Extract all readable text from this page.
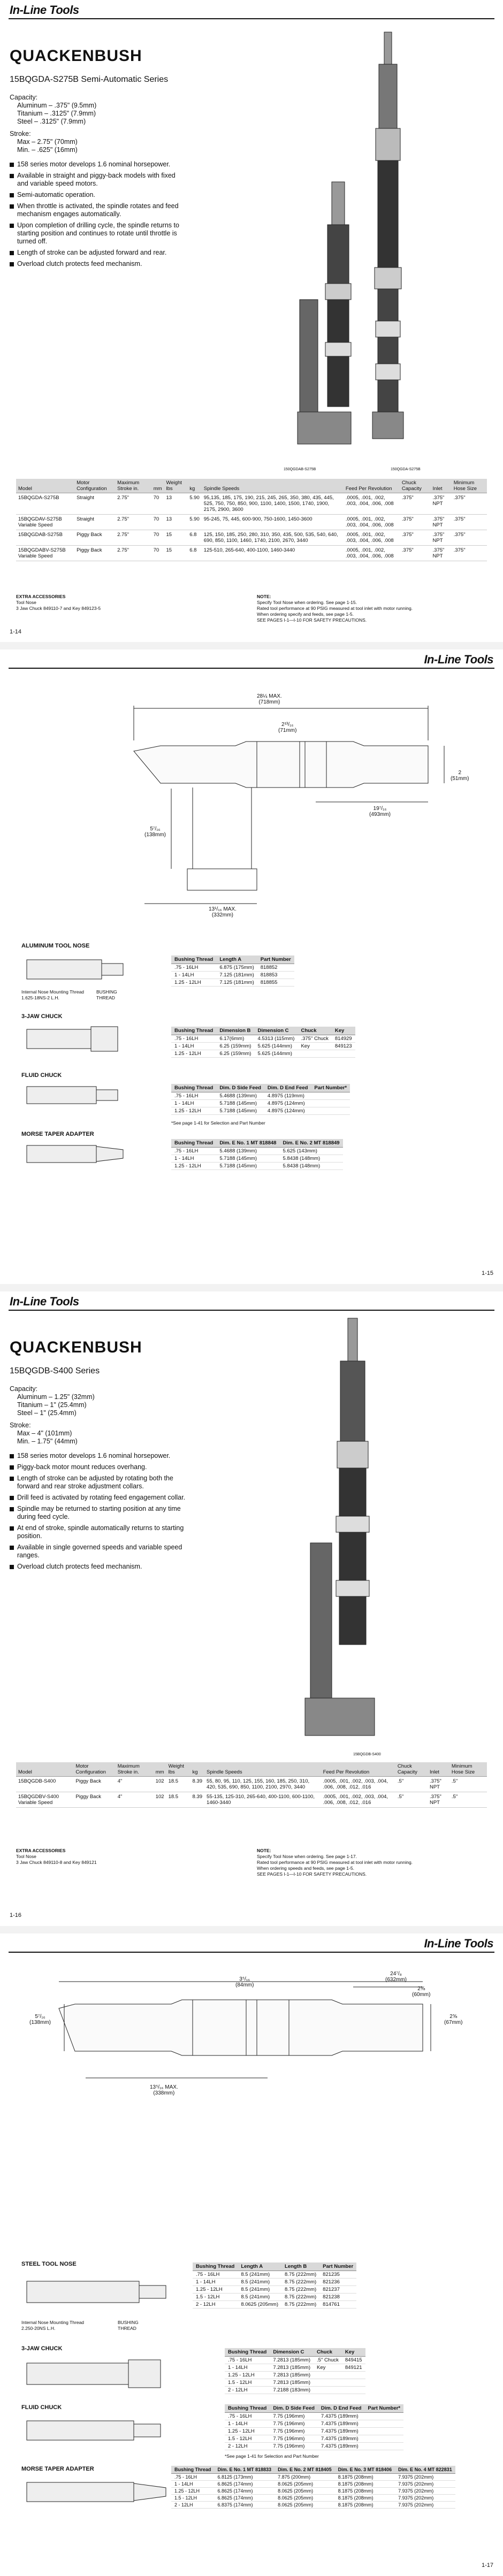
In-Line Tools
QUACKENBUSH
15BQGDA-S275B Semi-Automatic Series
Capacity:
Aluminum – .375" (9.5mm)
Titanium – .3125" (7.9mm)
Steel – .3125" (7.9mm)
Stroke:
Max – 2.75" (70mm)
Min. – .625" (16mm)
158 series motor develops 1.6 nominal horsepower.
Available in straight and piggy-back models with fixed and variable speed motors.
Semi-automatic operation.
When throttle is activated, the spindle rotates and feed mechanism engages automatically.
Upon completion of drilling cycle, the spindle returns to starting position and continues to rotate until throttle is turned off.
Length of stroke can be adjusted forward and rear.
Overload clutch protects feed mechanism.
150QGDAB-S275B	150QGDA-S275B
Model	Motor Configuration	Maximum Stroke in.	mm	Weight lbs	kg	Spindle Speeds	Feed Per Revolution	Chuck Capacity	Inlet	Minimum Hose Size
15BQGDA-S275B	Straight	2.75"	70	13	5.90	95,135, 185, 175, 190, 215, 245, 265, 350, 380, 435, 445, 525, 750, 750, 850, 900, 1100, 1400, 1500, 1740, 1900, 2175, 2900, 3600	.0005, .001, .002, .003, .004, .006, .008	.375"	.375" NPT	.375"
15BQGDAV-S275B Variable Speed	Straight	2.75"	70	13	5.90	95-245, 75, 445, 600-900, 750-1600, 1450-3600	.0005, .001, .002, .003, .004, .006, .008	.375"	.375" NPT	.375"
15BQGDAB-S275B	Piggy Back	2.75"	70	15	6.8	125, 150, 185, 250, 280, 310, 350, 435, 500, 535, 540, 640, 690, 850, 1100, 1460, 1740, 2100, 2670, 3440	.0005, .001, .002, .003, .004, .006, .008	.375"	.375" NPT	.375"
15BQGDABV-S275B Variable Speed	Piggy Back	2.75"	70	15	6.8	125-510, 265-640, 400-1100, 1460-3440	.0005, .001, .002, .003, .004, .006, .008	.375"	.375" NPT	.375"
EXTRA ACCESSORIES
Tool Nose
3 Jaw Chuck 849110-7 and Key 849123-5
NOTE:
Specify Tool Nose when ordering. See page 1-15.
Rated tool performance at 90 PSIG measured at tool inlet with motor running.
When ordering specify and feeds, see page 1-5.
SEE PAGES I-1—I-10 FOR SAFETY PRECAUTIONS.
1-14
In-Line Tools
28¼ MAX.
(718mm)
2¹³/₁₆
(71mm)
2
(51mm)
19⁷/₁₆
(493mm)
5⁷/₁₆
(138mm)
13¹/₁₆ MAX.
(332mm)
ALUMINUM TOOL NOSE
Internal Nose Mounting Thread 1.625-18NS-2 L.H.
BUSHING THREAD
Bushing Thread	Length A	Part Number
.75 - 16LH	6.875 (175mm)	818852
1 - 14LH	7.125 (181mm)	818853
1.25 - 12LH	7.125 (181mm)	818855
3-JAW CHUCK
Bushing Thread	Dimension B	Dimension C	Chuck	Key
.75 - 16LH	6.17(6mm)	4.5313 (115mm)	.375" Chuck	814929
1 - 14LH	6.25 (159mm)	5.625 (144mm)	Key	849123
1.25 - 12LH	6.25 (159mm)	5.625 (144mm)		
FLUID CHUCK
Bushing Thread	Dim. D Side Feed	Dim. D End Feed	Part Number*
.75 - 16LH	5.4688 (139mm)	4.8975 (119mm)	
1 - 14LH	5.7188 (145mm)	4.8975 (124mm)	
1.25 - 12LH	5.7188 (145mm)	4.8975 (124mm)	
*See page 1-41 for Selection and Part Number
MORSE TAPER ADAPTER
Bushing Thread	Dim. E No. 1 MT 818848	Dim. E No. 2 MT 818849
.75 - 16LH	5.4688 (139mm)	5.625 (143mm)
1 - 14LH	5.7188 (145mm)	5.8438 (148mm)
1.25 - 12LH	5.7188 (145mm)	5.8438 (148mm)
1-15
In-Line Tools
QUACKENBUSH
15BQGDB-S400 Series
Capacity:
Aluminum – 1.25" (32mm)
Titanium – 1" (25.4mm)
Steel – 1" (25.4mm)
Stroke:
Max – 4" (101mm)
Min. – 1.75" (44mm)
158 series motor develops 1.6 nominal horsepower.
Piggy-back motor mount reduces overhang.
Length of stroke can be adjusted by rotating both the forward and rear stroke adjustment collars.
Drill feed is activated by rotating feed engagement collar.
Spindle may be returned to starting position at any time during feed cycle.
At end of stroke, spindle automatically returns to starting position.
Available in single governed speeds and variable speed ranges.
Overload clutch protects feed mechanism.
15BQGDB-S400
Model	Motor Configuration	Maximum Stroke in.	mm	Weight lbs	kg	Spindle Speeds	Feed Per Revolution	Chuck Capacity	Inlet	Minimum Hose Size
15BQGDB-S400	Piggy Back	4"	102	18.5	8.39	55, 80, 95, 110, 125, 155, 160, 185, 250, 310, 420, 535, 690, 850, 1100, 2100, 2970, 3440	.0005, .001, .002, .003, .004, .006, .008, .012, .016	.5"	.375" NPT	.5"
15BQGDBV-S400 Variable Speed	Piggy Back	4"	102	18.5	8.39	55-135, 125-310, 265-640, 400-1100, 600-1100, 1460-3440	.0005, .001, .002, .003, .004, .006, .008, .012, .016	.5"	.375" NPT	.5"
EXTRA ACCESSORIES
Tool Nose
3 Jaw Chuck 849110-8 and Key 849121
NOTE:
Specify Tool Nose when ordering. See page 1-17.
Rated tool performance at 90 PSIG measured at tool inlet with motor running.
When ordering speeds and feeds, see page 1-5.
SEE PAGES I-1—I-10 FOR SAFETY PRECAUTIONS.
1-16
In-Line Tools
24⁷/₈
(632mm)
3⁵/₁₆
(84mm)
2⅜
(60mm)
2⅝
(67mm)
5⁷/₁₆
(138mm)
13⁵/₁₆ MAX.
(338mm)
STEEL TOOL NOSE
Internal Nose Mounting Thread 2.250-20NS L.H.
BUSHING THREAD
Bushing Thread	Length A	Length B	Part Number
.75 - 16LH	8.5 (241mm)	8.75 (222mm)	821235
1 - 14LH	8.5 (241mm)	8.75 (222mm)	821236
1.25 - 12LH	8.5 (241mm)	8.75 (222mm)	821237
1.5 - 12LH	8.5 (241mm)	8.75 (222mm)	821238
2 - 12LH	8.0625 (205mm)	8.75 (222mm)	814761
3-JAW CHUCK
Bushing Thread	Dimension C	Chuck	Key
.75 - 16LH	7.2813 (185mm)	.5" Chuck	849415
1 - 14LH	7.2813 (185mm)	Key	849121
1.25 - 12LH	7.2813 (185mm)		
1.5 - 12LH	7.2813 (185mm)		
2 - 12LH	7.2188 (183mm)		
FLUID CHUCK	Bushing Thread	Dim. D Side Feed	Dim. D End Feed	Part Number*
.75 - 16LH	7.75 (196mm)	7.4375 (189mm)	
1 - 14LH	7.75 (196mm)	7.4375 (189mm)	
1.25 - 12LH	7.75 (196mm)	7.4375 (189mm)	
1.5 - 12LH	7.75 (196mm)	7.4375 (189mm)	
2 - 12LH	7.75 (196mm)	7.4375 (189mm)	
*See page 1-41 for Selection and Part Number
MORSE TAPER ADAPTER	Bushing Thread	Dim. E No. 1 MT 818833	Dim. E No. 2 MT 818405	Dim. E No. 3 MT 818406	Dim. E No. 4 MT 822831
.75 - 16LH	6.8125 (173mm)	7.875 (200mm)	8.1875 (208mm)	7.9375 (202mm)
1 - 14LH	6.8625 (174mm)	8.0625 (205mm)	8.1875 (208mm)	7.9375 (202mm)
1.25 - 12LH	6.8625 (174mm)	8.0625 (205mm)	8.1875 (208mm)	7.9375 (202mm)
1.5 - 12LH	6.8625 (174mm)	8.0625 (205mm)	8.1875 (208mm)	7.9375 (202mm)
2 - 12LH	6.8375 (174mm)	8.0625 (205mm)	8.1875 (208mm)	7.9375 (202mm)
1-17
